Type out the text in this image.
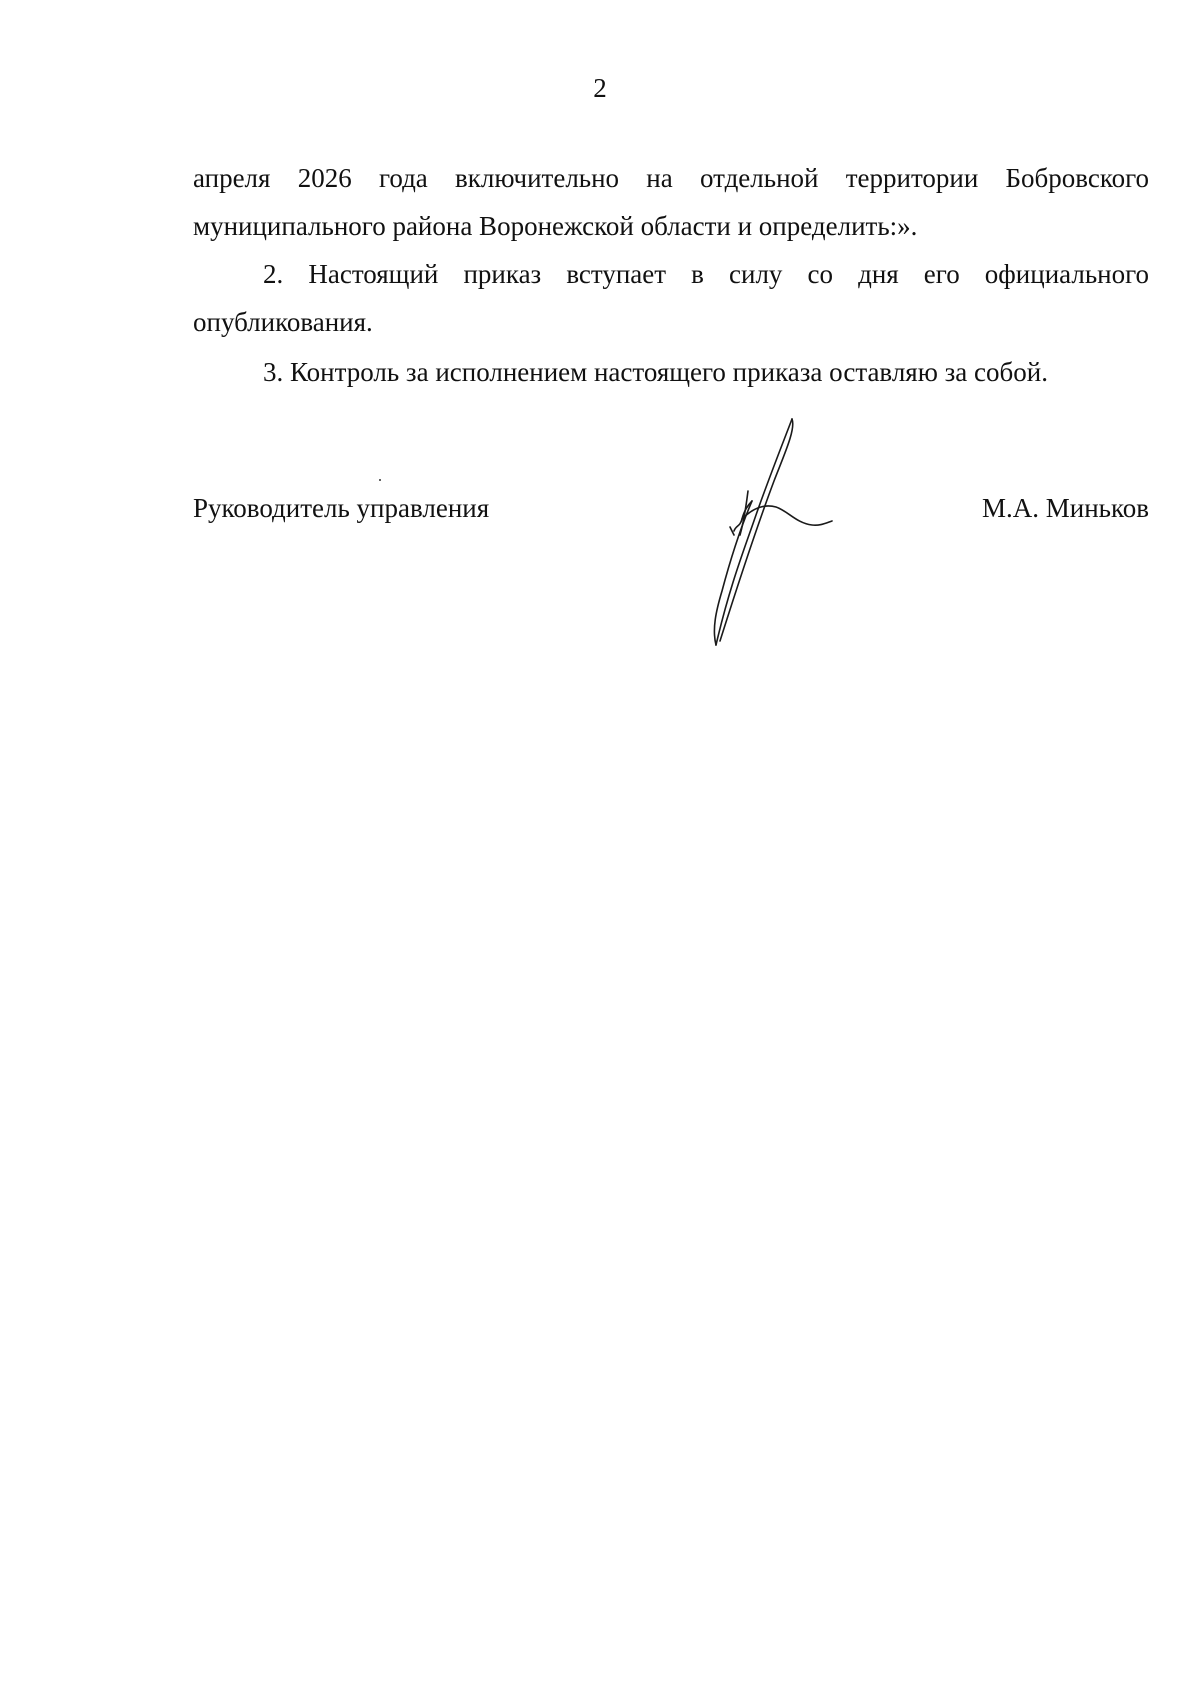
2

апреля 2026 года включительно на отдельной территории Бобровского муниципального района Воронежской области и определить:».

2. Настоящий приказ вступает в силу со дня его официального опубликования.

3. Контроль за исполнением настоящего приказа оставляю за собой.

Руководитель управления	М.А. Миньков
